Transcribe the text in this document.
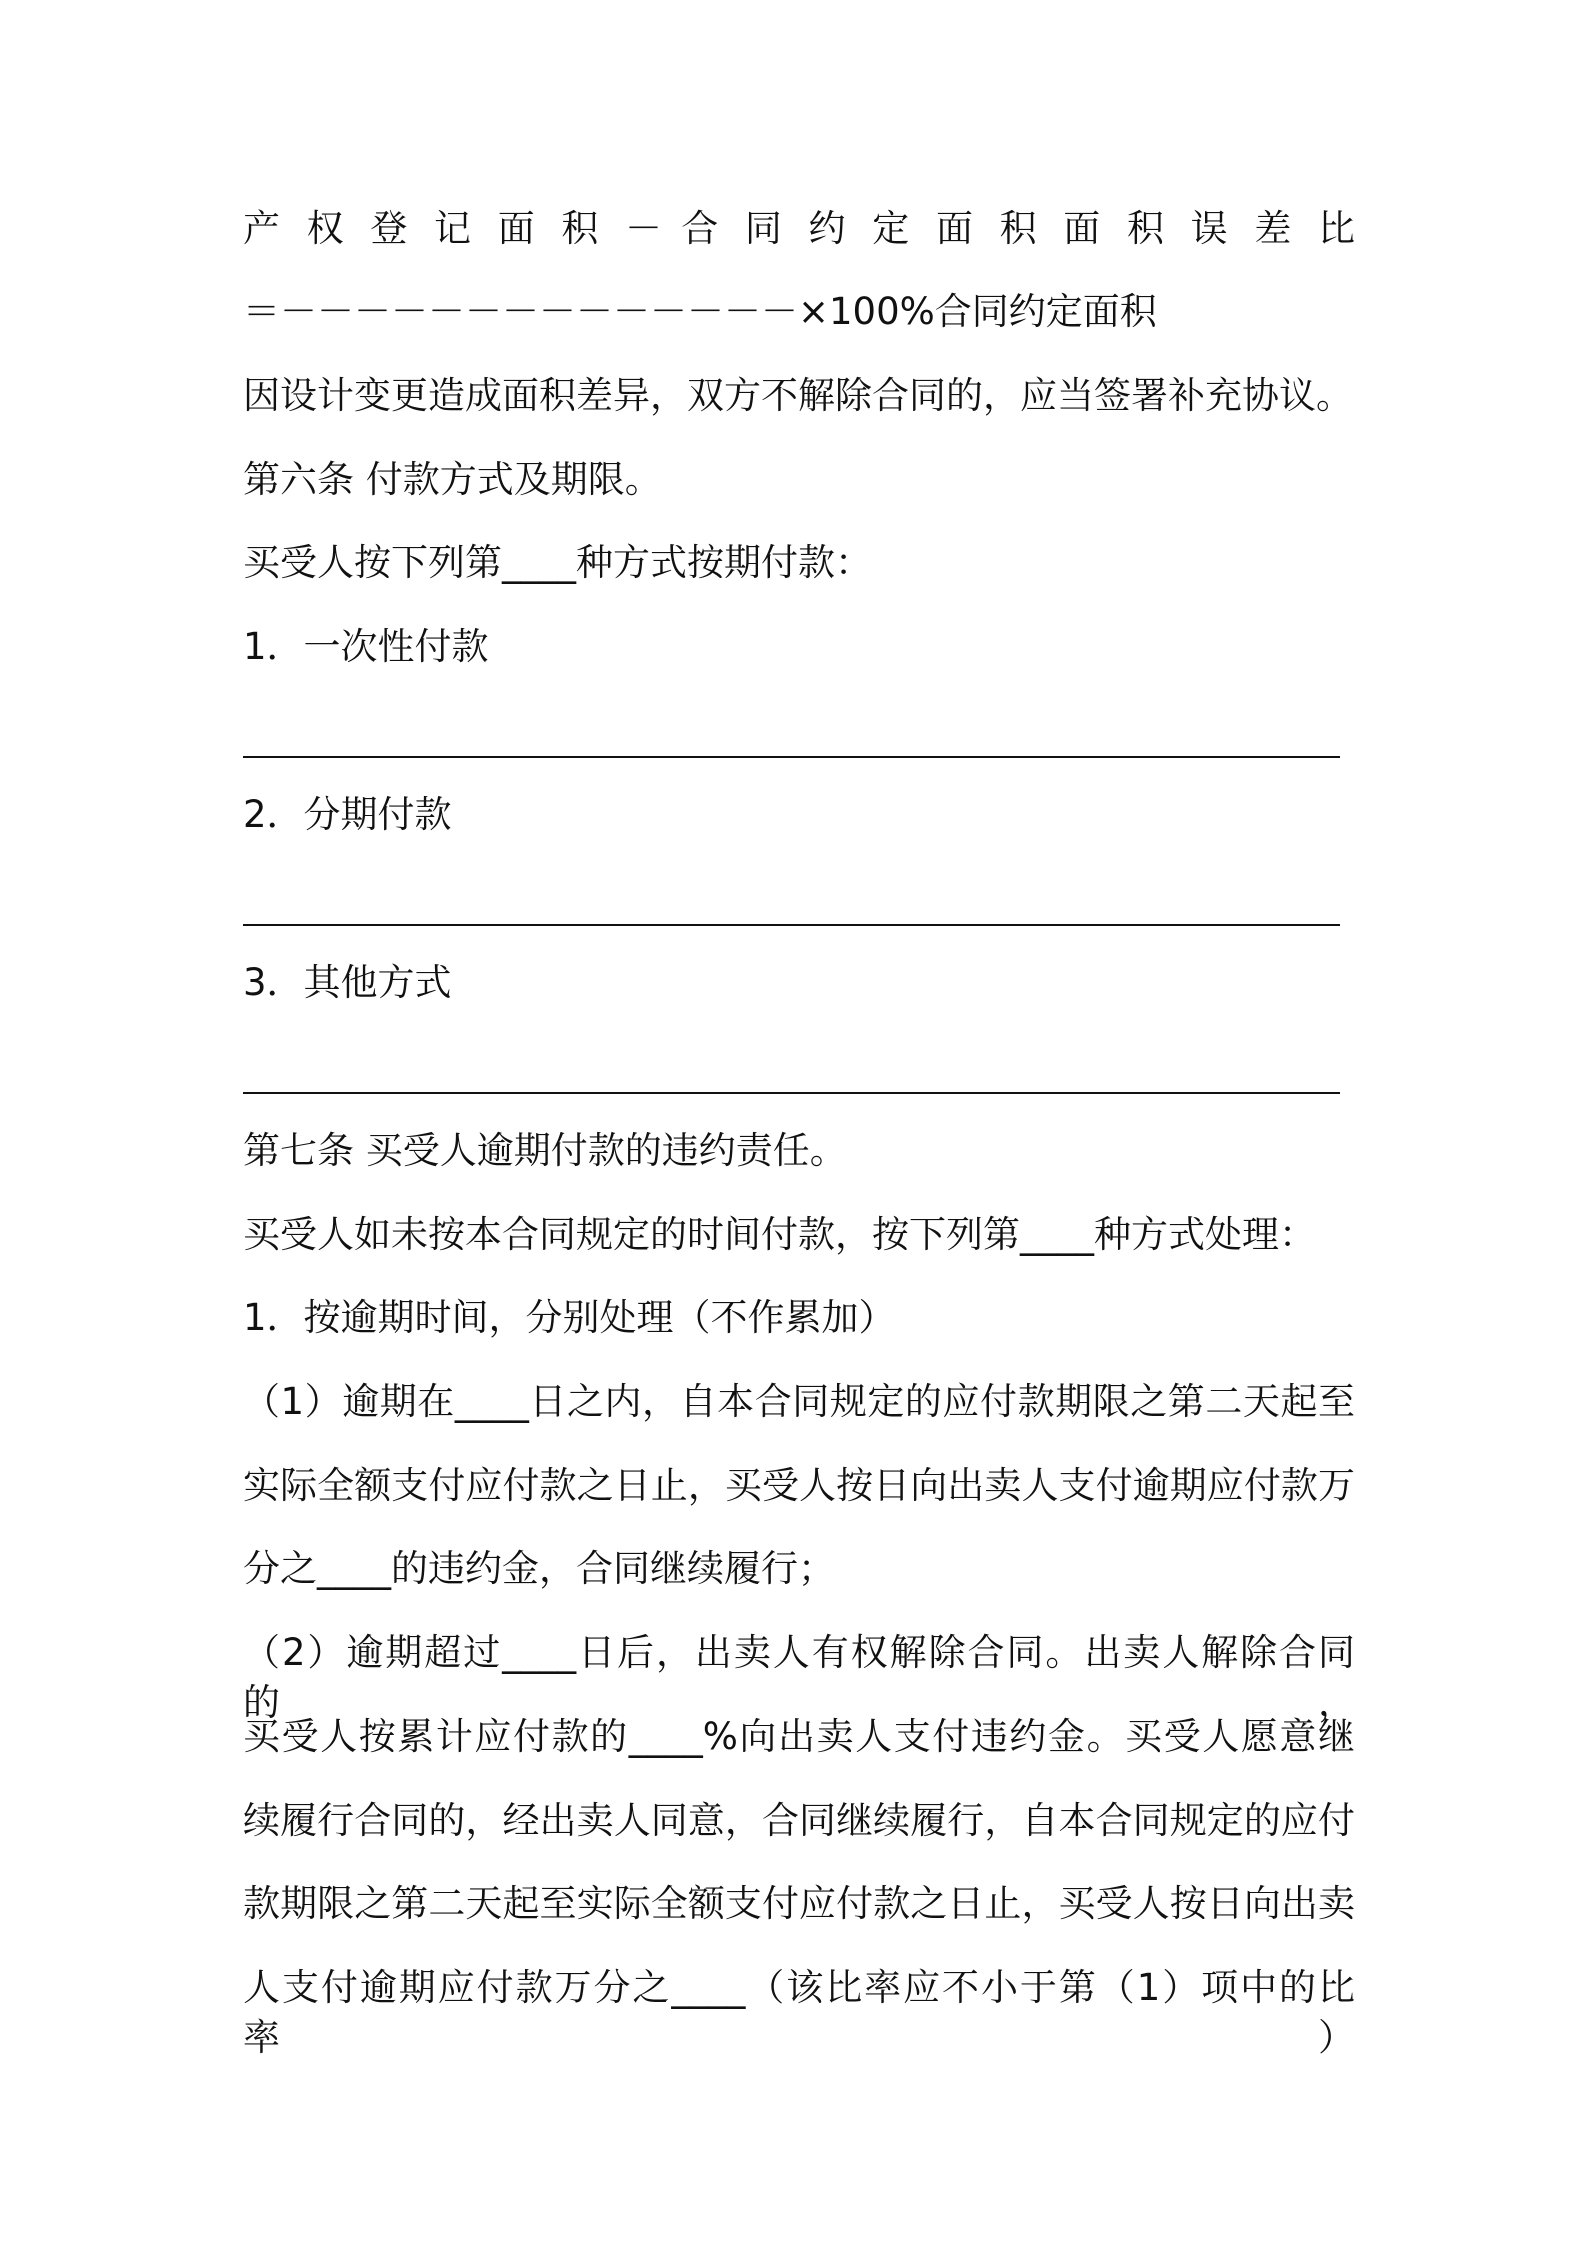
产 权 登 记 面 积 － 合 同 约 定 面 积 面 积 误 差 比
＝－－－－－－－－－－－－－－×100%合同约定面积
因设计变更造成面积差异，双方不解除合同的，应当签署补充协议。
第六条 付款方式及期限。
买受人按下列第____种方式按期付款：
1．一次性付款
2．分期付款
3．其他方式
第七条 买受人逾期付款的违约责任。
买受人如未按本合同规定的时间付款，按下列第____种方式处理：
1．按逾期时间，分别处理（不作累加）
（1）逾期在____日之内，自本合同规定的应付款期限之第二天起至
实际全额支付应付款之日止，买受人按日向出卖人支付逾期应付款万
分之____的违约金，合同继续履行；
（2）逾期超过____日后，出卖人有权解除合同。出卖人解除合同的，
买受人按累计应付款的____%向出卖人支付违约金。买受人愿意继
续履行合同的，经出卖人同意，合同继续履行，自本合同规定的应付
款期限之第二天起至实际全额支付应付款之日止，买受人按日向出卖
人支付逾期应付款万分之____（该比率应不小于第（1）项中的比率）
